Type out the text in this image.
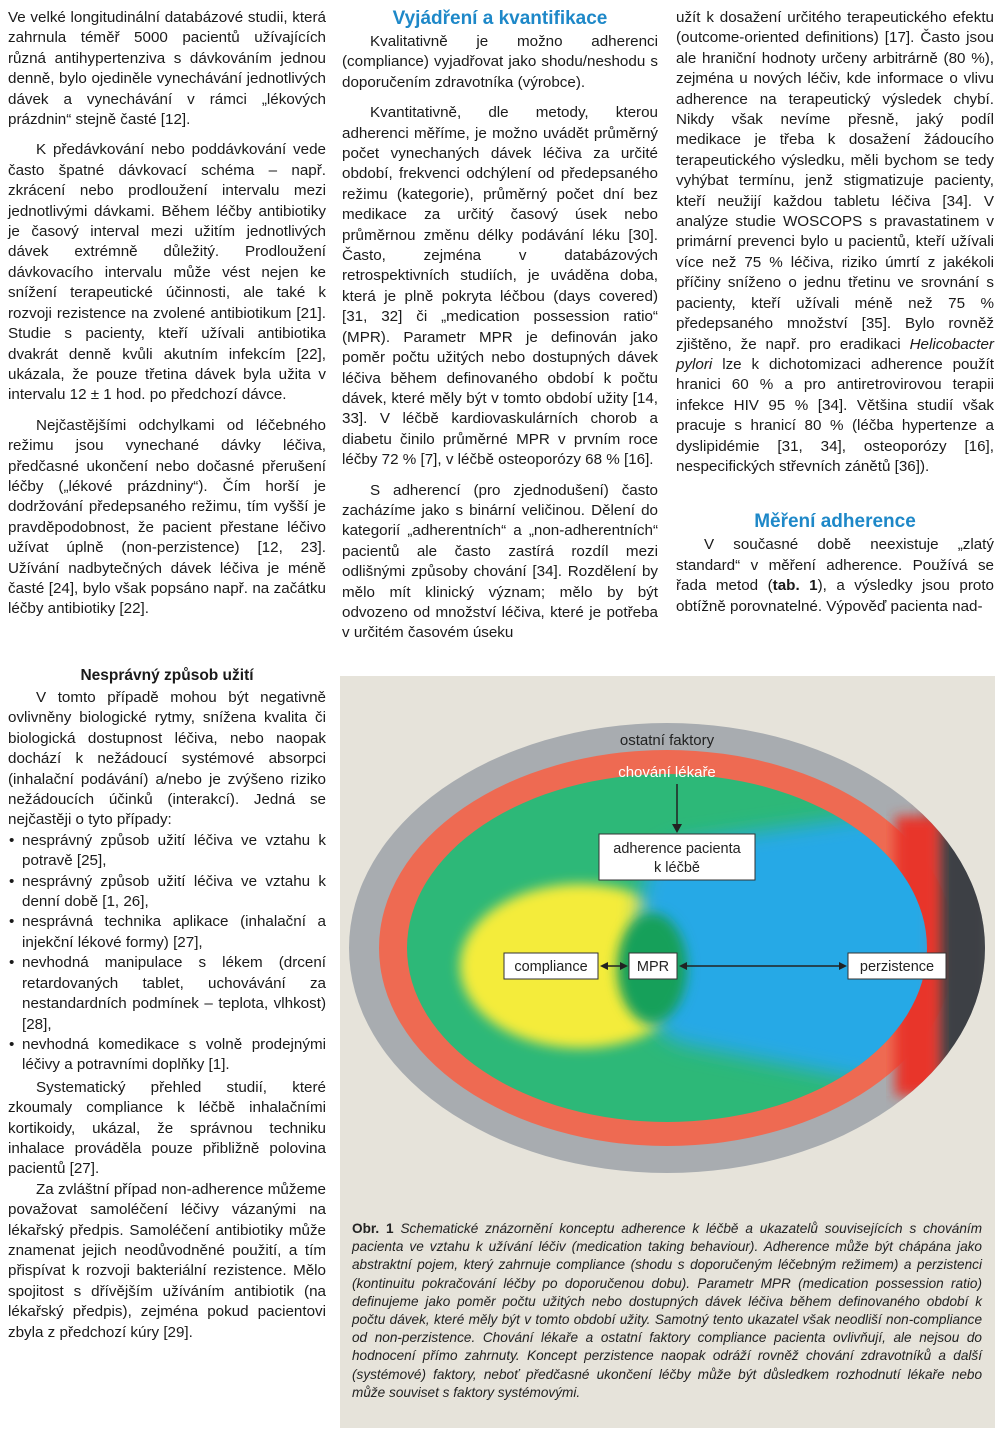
Ve velké longitudinální databázové studii, která zahrnula téměř 5000 pacientů užívajících různá antihypertenziva s dávkováním jednou denně, bylo ojediněle vynechávání jednotlivých dávek a vynechávání v rámci „lékových prázdnin“ stejně časté [12].

K předávkování nebo poddávkování vede často špatné dávkovací schéma – např. zkrácení nebo prodloužení intervalu mezi jednotlivými dávkami. Během léčby antibiotiky je časový interval mezi užitím jednotlivých dávek extrémně důležitý. Prodloužení dávkovacího intervalu může vést nejen ke snížení terapeutické účinnosti, ale také k rozvoji rezistence na zvolené antibiotikum [21]. Studie s pacienty, kteří užívali antibiotika dvakrát denně kvůli akutním infekcím [22], ukázala, že pouze třetina dávek byla užita v intervalu 12 ± 1 hod. po předchozí dávce.

Nejčastějšími odchylkami od léčebného režimu jsou vynechané dávky léčiva, předčasné ukončení nebo dočasné přerušení léčby („lékové prázdniny“). Čím horší je dodržování předepsaného režimu, tím vyšší je pravděpodobnost, že pacient přestane léčivo užívat úplně (non-perzistence) [12, 23]. Užívání nadbytečných dávek léčiva je méně časté [24], bylo však popsáno např. na začátku léčby antibiotiky [22].

Vyjádření a kvantifikace

Kvalitativně je možno adherenci (compliance) vyjadřovat jako shodu/neshodu s doporučením zdravotníka (výrobce).

Kvantitativně, dle metody, kterou adherenci měříme, je možno uvádět průměrný počet vynechaných dávek léčiva za určité období, frekvenci odchýlení od předepsaného režimu (kategorie), průměrný počet dní bez medikace za určitý časový úsek nebo průměrnou změnu délky podávání léku [30]. Často, zejména v databázových retrospektivních studiích, je uváděna doba, která je plně pokryta léčbou (days covered) [31, 32] či „medication possession ratio“ (MPR). Parametr MPR je definován jako poměr počtu užitých nebo dostupných dávek léčiva během definovaného období k počtu dávek, které měly být v tomto období užity [14, 33]. V léčbě kardiovaskulárních chorob a diabetu činilo průměrné MPR v prvním roce léčby 72 % [7], v léčbě osteoporózy 68 % [16].

S adherencí (pro zjednodušení) často zacházíme jako s binární veličinou. Dělení do kategorií „adherentních“ a „non-adherentních“ pacientů ale často zastírá rozdíl mezi odlišnými způsoby chování [34]. Rozdělení by mělo mít klinický význam; mělo by být odvozeno od množství léčiva, které je potřeba v určitém časovém úseku

užít k dosažení určitého terapeutického efektu (outcome-oriented definitions) [17]. Často jsou ale hraniční hodnoty určeny arbitrárně (80 %), zejména u nových léčiv, kde informace o vlivu adherence na terapeutický výsledek chybí. Nikdy však nevíme přesně, jaký podíl medikace je třeba k dosažení žádoucího terapeutického výsledku, měli bychom se tedy vyhýbat termínu, jenž stigmatizuje pacienty, kteří neužijí každou tabletu léčiva [34]. V analýze studie WOSCOPS s pravastatinem v primární prevenci bylo u pacientů, kteří užívali více než 75 % léčiva, riziko úmrtí z jakékoli příčiny sníženo o jednu třetinu ve srovnání s pacienty, kteří užívali méně než 75 % předepsaného množství [35]. Bylo rovněž zjištěno, že např. pro eradikaci Helicobacter pylori lze k dichotomizaci adherence použít hranici 60 % a pro antiretrovirovou terapii infekce HIV 95 % [34]. Většina studií však pracuje s hranicí 80 % (léčba hypertenze a dyslipidémie [31, 34], osteoporózy [16], nespecifických střevních zánětů [36]).

Měření adherence

V současné době neexistuje „zlatý standard“ v měření adherence. Používá se řada metod (tab. 1), a výsledky jsou proto obtížně porovnatelné. Výpověď pacienta nad-

Nesprávný způsob užití

V tomto případě mohou být negativně ovlivněny biologické rytmy, snížena kvalita či biologická dostupnost léčiva, nebo naopak dochází k nežádoucí systémové absorpci (inhalační podávání) a/nebo je zvýšeno riziko nežádoucích účinků (interakcí). Jedná se nejčastěji o tyto případy:

• nesprávný způsob užití léčiva ve vztahu k potravě [25],
• nesprávný způsob užití léčiva ve vztahu k denní době [1, 26],
• nesprávná technika aplikace (inhalační a injekční lékové formy) [27],
• nevhodná manipulace s lékem (drcení retardovaných tablet, uchovávání za nestandardních podmínek – teplota, vlhkost) [28],
• nevhodná komedikace s volně prodejnými léčivy a potravními doplňky [1].

Systematický přehled studií, které zkoumaly compliance k léčbě inhalačními kortikoidy, ukázal, že správnou techniku inhalace prováděla pouze přibližně polovina pacientů [27].

Za zvláštní případ non-adherence můžeme považovat samoléčení léčivy vázanými na lékařský předpis. Samoléčení antibiotiky může znamenat jejich neodůvodněné použití, a tím přispívat k rozvoji bakteriální rezistence. Mělo spojitost s dřívějším užíváním antibiotik (na lékařský předpis), zejména pokud pacientovi zbyla z předchozí kúry [29].

ostatní faktory
chování lékaře
adherence pacienta
k léčbě
compliance	MPR	perzistence
Obr. 1 Schematické znázornění konceptu adherence k léčbě a ukazatelů souvisejících s chováním pacienta ve vztahu k užívání léčiv (medication taking behaviour). Adherence může být chápána jako abstraktní pojem, který zahrnuje compliance (shodu s doporučeným léčebným režimem) a perzistenci (kontinuitu pokračování léčby po doporučenou dobu). Parametr MPR (medication possession ratio) definujeme jako poměr počtu užitých nebo dostupných dávek léčiva během definovaného období k počtu dávek, které měly být v tomto období užity. Samotný tento ukazatel však neodliší non-compliance od non-perzistence. Chování lékaře a ostatní faktory compliance pacienta ovlivňují, ale nejsou do hodnocení přímo zahrnuty. Koncept perzistence naopak odráží rovněž chování zdravotníků a další (systémové) faktory, neboť předčasné ukončení léčby může být důsledkem rozhodnutí lékaře nebo může souviset s faktory systémovými.
